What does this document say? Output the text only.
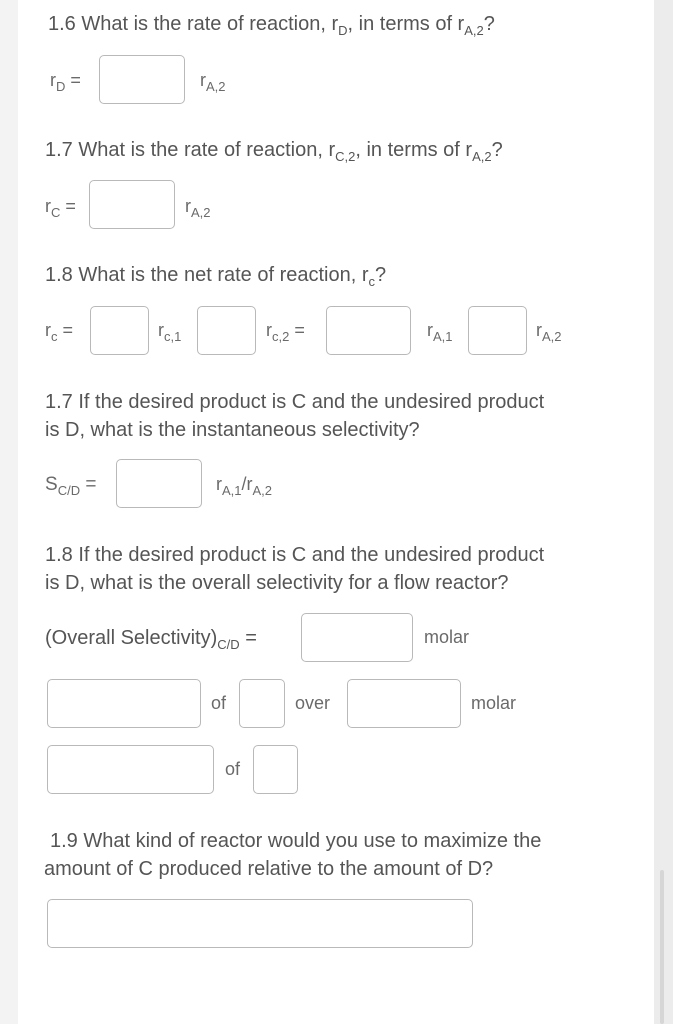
1.6 What is the rate of reaction, $r_D$, in terms of $r_{A,2}$?
$r_D$ =	$r_{A,2}$
1.7 What is the rate of reaction, $r_{C,2}$, in terms of $r_{A,2}$?
$r_C$ =	$r_{A,2}$
1.8 What is the net rate of reaction, $r_c$?
$r_c$ =	$r_{c,1}$	$r_{c,2}$ =	$r_{A,1}$	$r_{A,2}$
1.7 If the desired product is C and the undesired product
is D, what is the instantaneous selectivity?
$S_{C/D}$ =	$r_{A,1}/r_{A,2}$
1.8 If the desired product is C and the undesired product
is D, what is the overall selectivity for a flow reactor?
(Overall $Selectivity)_{C/D}$ =	molar
of	over	molar
of
1.9 What kind of reactor would you use to maximize the
amount of C produced relative to the amount of D?
